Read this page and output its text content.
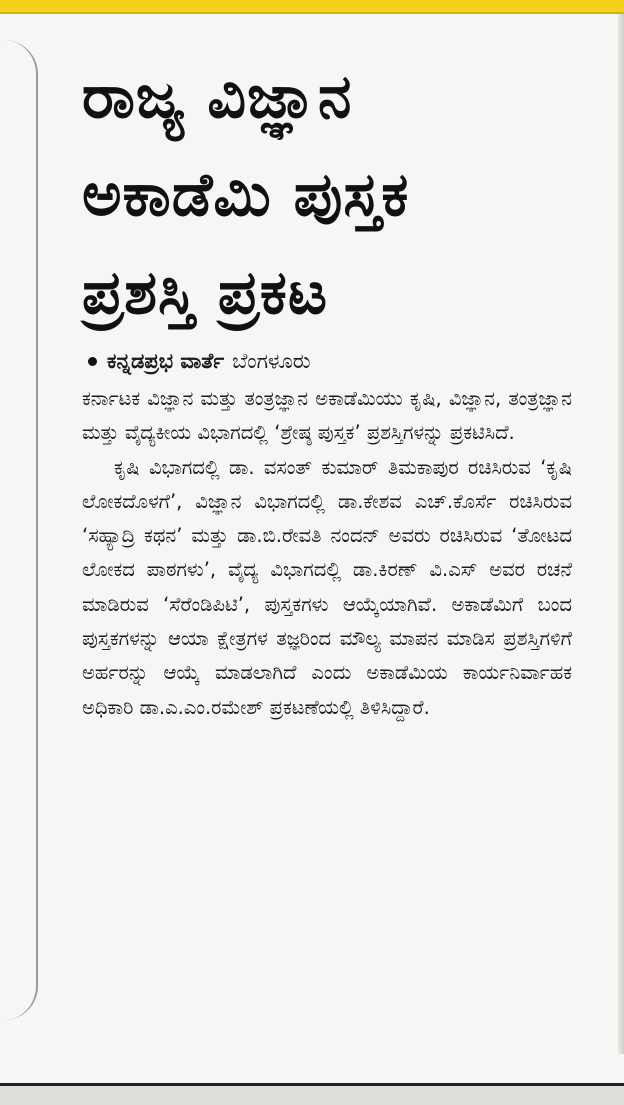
ರಾಜ್ಯ ವಿಜ್ಞಾನ
ಅಕಾಡೆಮಿ ಪುಸ್ತಕ
ಪ್ರಶಸ್ತಿ ಪ್ರಕಟ
ಕನ್ನಡಪ್ರಭ ವಾರ್ತೆ ಬೆಂಗಳೂರು

ಕರ್ನಾಟಕ ವಿಜ್ಞಾನ ಮತ್ತು ತಂತ್ರಜ್ಞಾನ ಅಕಾಡೆಮಿಯು ಕೃಷಿ, ವಿಜ್ಞಾನ, ತಂತ್ರಜ್ಞಾನ ಮತ್ತು ವೈದ್ಯಕೀಯ ವಿಭಾಗದಲ್ಲಿ ‘ಶ್ರೇಷ್ಠ ಪುಸ್ತಕ’ ಪ್ರಶಸ್ತಿಗಳನ್ನು ಪ್ರಕಟಿಸಿದೆ.

ಕೃಷಿ ವಿಭಾಗದಲ್ಲಿ ಡಾ. ವಸಂತ್ ಕುಮಾರ್ ತಿಮಕಾಪುರ ರಚಿಸಿರುವ ‘ಕೃಷಿ ಲೋಕದೊಳಗೆ’, ವಿಜ್ಞಾನ ವಿಭಾಗದಲ್ಲಿ ಡಾ.ಕೇಶವ ಎಚ್.ಕೊರ್ಸೆ ರಚಿಸಿರುವ ‘ಸಹ್ಯಾದ್ರಿ ಕಥನ’ ಮತ್ತು ಡಾ.ಬಿ.ರೇವತಿ ನಂದನ್ ಅವರು ರಚಿಸಿರುವ ‘ತೋಟದ ಲೋಕದ ಪಾಠಗಳು’, ವೈದ್ಯ ವಿಭಾಗದಲ್ಲಿ ಡಾ.ಕಿರಣ್ ವಿ.ಎಸ್ ಅವರ ರಚನೆ ಮಾಡಿರುವ ‘ಸೆರೆಂಡಿಪಿಟಿ’, ಪುಸ್ತಕಗಳು ಆಯ್ಕೆಯಾಗಿವೆ. ಅಕಾಡೆಮಿಗೆ ಬಂದ ಪುಸ್ತಕಗಳನ್ನು ಆಯಾ ಕ್ಷೇತ್ರಗಳ ತಜ್ಞರಿಂದ ಮೌಲ್ಯ ಮಾಪನ ಮಾಡಿಸ ಪ್ರಶಸ್ತಿಗಳಿಗೆ ಅರ್ಹರನ್ನು ಆಯ್ಕೆ ಮಾಡಲಾಗಿದೆ ಎಂದು ಅಕಾಡೆಮಿಯ ಕಾರ್ಯನಿರ್ವಾಹಕ ಅಧಿಕಾರಿ ಡಾ.ಎ.ಎಂ.ರಮೇಶ್ ಪ್ರಕಟಣೆಯಲ್ಲಿ ತಿಳಿಸಿದ್ದಾರೆ.
